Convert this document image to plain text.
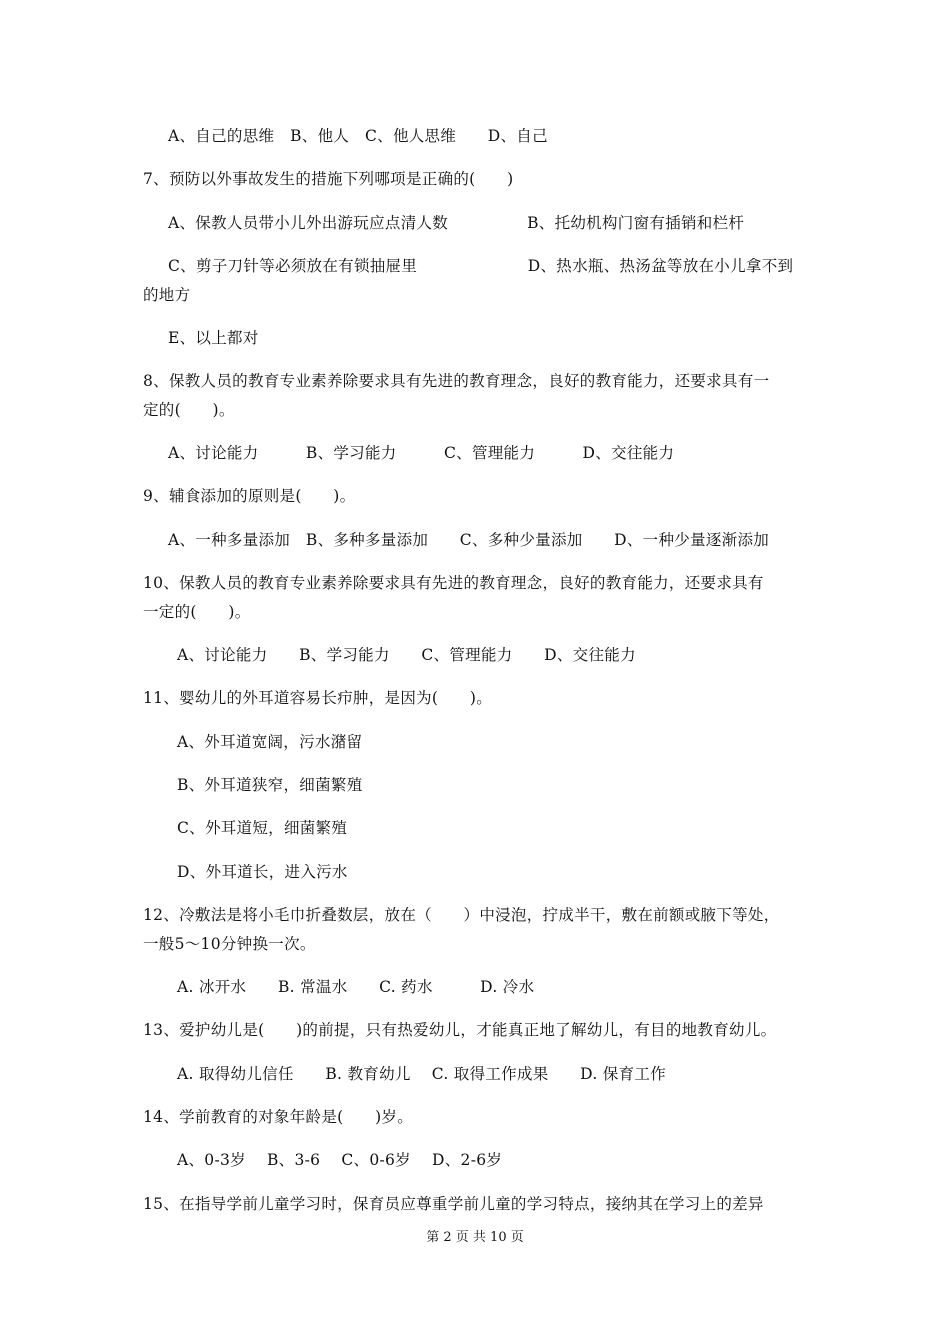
A、自己的思维　B、他人　C、他人思维　　D、自己
7、预防以外事故发生的措施下列哪项是正确的(　　)
A、保教人员带小儿外出游玩应点清人数　　　　　B、托幼机构门窗有插销和栏杆
C、剪子刀针等必须放在有锁抽屉里　　　　　　　D、热水瓶、热汤盆等放在小儿拿不到
的地方
E、以上都对
8、保教人员的教育专业素养除要求具有先进的教育理念，良好的教育能力，还要求具有一
定的(　　)。
A、讨论能力　　　B、学习能力　　　C、管理能力　　　D、交往能力
9、辅食添加的原则是(　　)。
A、一种多量添加　B、多种多量添加　　C、多种少量添加　　D、一种少量逐渐添加
10、保教人员的教育专业素养除要求具有先进的教育理念，良好的教育能力，还要求具有
一定的(　　)。
A、讨论能力　　B、学习能力　　C、管理能力　　D、交往能力
11、婴幼儿的外耳道容易长疖肿，是因为(　　)。
A、外耳道宽阔，污水潴留
B、外耳道狭窄，细菌繁殖
C、外耳道短，细菌繁殖
D、外耳道长，进入污水
12、冷敷法是将小毛巾折叠数层，放在（　　）中浸泡，拧成半干，敷在前额或腋下等处，
一般5～10分钟换一次。
A. 冰开水　　B. 常温水　　C. 药水　　　D. 冷水
13、爱护幼儿是(　　)的前提，只有热爱幼儿，才能真正地了解幼儿，有目的地教育幼儿。
A. 取得幼儿信任　　B. 教育幼儿　 C. 取得工作成果　　D. 保育工作
14、学前教育的对象年龄是(　　)岁。
A、0-3岁　 B、3-6　 C、0-6岁　 D、2-6岁
15、在指导学前儿童学习时，保育员应尊重学前儿童的学习特点，接纳其在学习上的差异
第 2 页 共 10 页
